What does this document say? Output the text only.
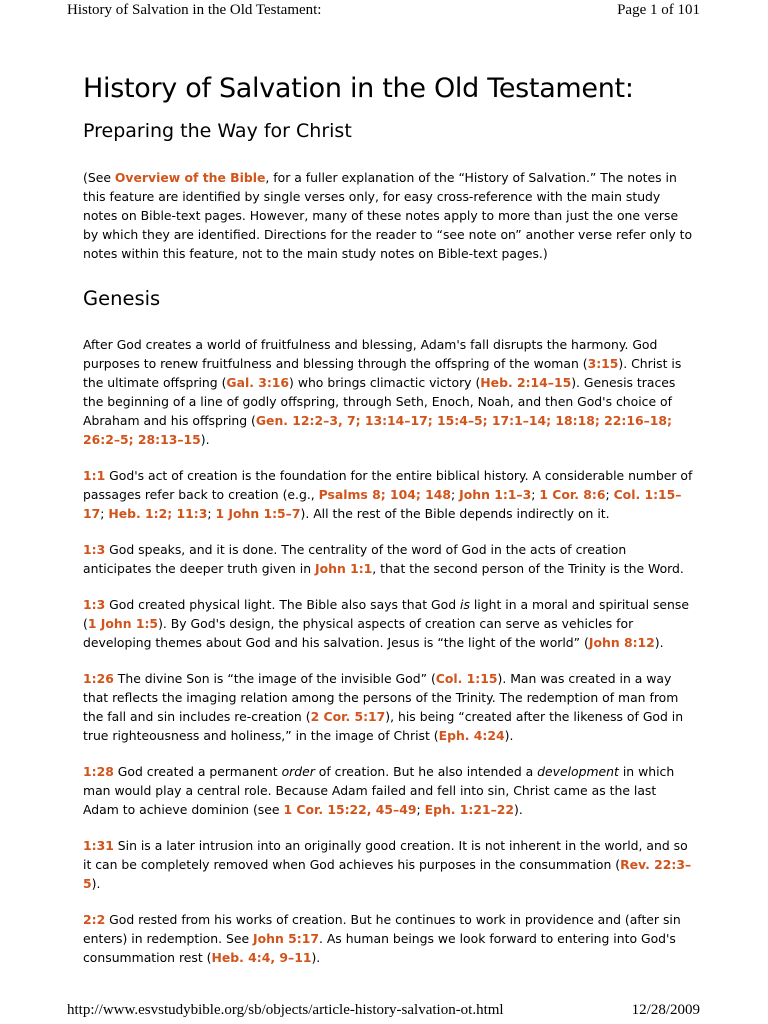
History of Salvation in the Old Testament:	Page 1 of 101
History of Salvation in the Old Testament:
Preparing the Way for Christ

(See Overview of the Bible, for a fuller explanation of the “History of Salvation.” The notes in this feature are identified by single verses only, for easy cross-reference with the main study notes on Bible-text pages. However, many of these notes apply to more than just the one verse by which they are identified. Directions for the reader to “see note on” another verse refer only to notes within this feature, not to the main study notes on Bible-text pages.)

Genesis

After God creates a world of fruitfulness and blessing, Adam's fall disrupts the harmony. God purposes to renew fruitfulness and blessing through the offspring of the woman (3:15). Christ is the ultimate offspring (Gal. 3:16) who brings climactic victory (Heb. 2:14–15). Genesis traces the beginning of a line of godly offspring, through Seth, Enoch, Noah, and then God's choice of Abraham and his offspring (Gen. 12:2–3, 7; 13:14–17; 15:4–5; 17:1–14; 18:18; 22:16–18; 26:2–5; 28:13–15).

1:1 God's act of creation is the foundation for the entire biblical history. A considerable number of passages refer back to creation (e.g., Psalms 8; 104; 148; John 1:1–3; 1 Cor. 8:6; Col. 1:15–17; Heb. 1:2; 11:3; 1 John 1:5–7). All the rest of the Bible depends indirectly on it.

1:3 God speaks, and it is done. The centrality of the word of God in the acts of creation anticipates the deeper truth given in John 1:1, that the second person of the Trinity is the Word.

1:3 God created physical light. The Bible also says that God is light in a moral and spiritual sense (1 John 1:5). By God's design, the physical aspects of creation can serve as vehicles for developing themes about God and his salvation. Jesus is “the light of the world” (John 8:12).

1:26 The divine Son is “the image of the invisible God” (Col. 1:15). Man was created in a way that reflects the imaging relation among the persons of the Trinity. The redemption of man from the fall and sin includes re-creation (2 Cor. 5:17), his being “created after the likeness of God in true righteousness and holiness,” in the image of Christ (Eph. 4:24).

1:28 God created a permanent order of creation. But he also intended a development in which man would play a central role. Because Adam failed and fell into sin, Christ came as the last Adam to achieve dominion (see 1 Cor. 15:22, 45–49; Eph. 1:21–22).

1:31 Sin is a later intrusion into an originally good creation. It is not inherent in the world, and so it can be completely removed when God achieves his purposes in the consummation (Rev. 22:3–5).

2:2 God rested from his works of creation. But he continues to work in providence and (after sin enters) in redemption. See John 5:17. As human beings we look forward to entering into God's consummation rest (Heb. 4:4, 9–11).

http://www.esvstudybible.org/sb/objects/article-history-salvation-ot.html	12/28/2009
